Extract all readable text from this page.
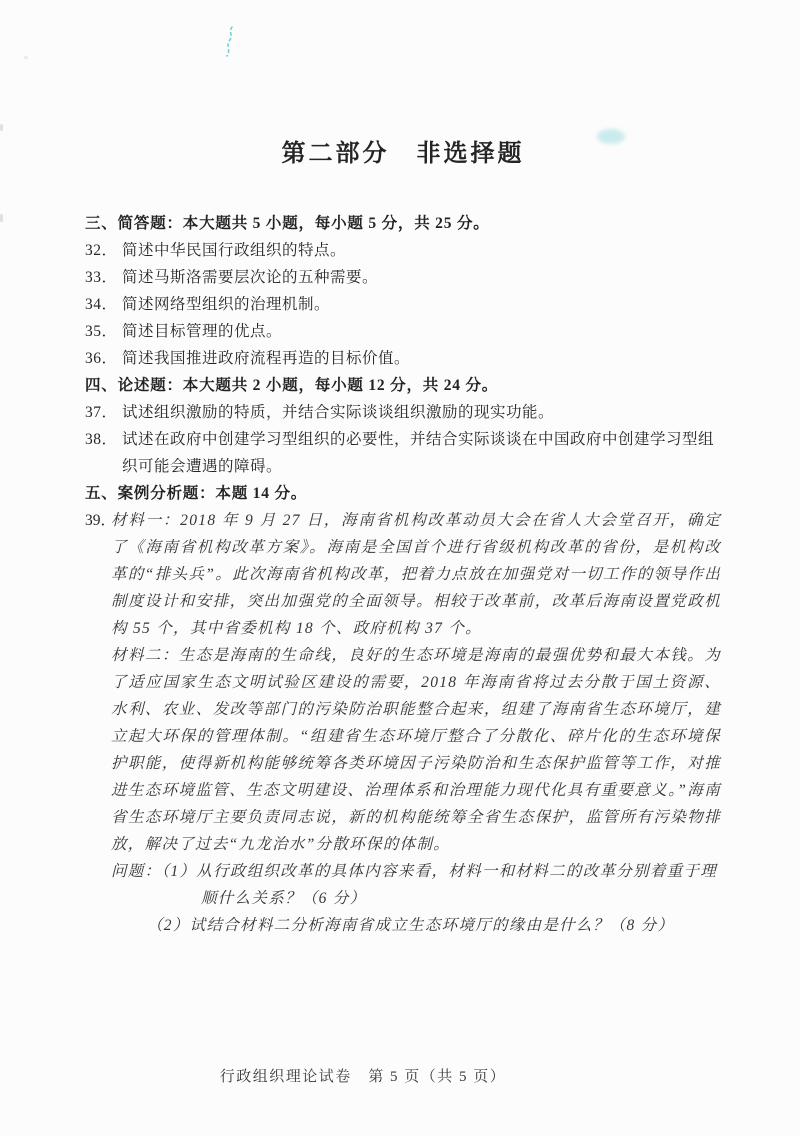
第二部分　非选择题
三、简答题：本大题共 5 小题，每小题 5 分，共 25 分。
32． 简述中华民国行政组织的特点。
33． 简述马斯洛需要层次论的五种需要。
34． 简述网络型组织的治理机制。
35． 简述目标管理的优点。
36． 简述我国推进政府流程再造的目标价值。
四、论述题：本大题共 2 小题，每小题 12 分，共 24 分。
37． 试述组织激励的特质，并结合实际谈谈组织激励的现实功能。
38． 试述在政府中创建学习型组织的必要性，并结合实际谈谈在中国政府中创建学习型组织可能会遭遇的障碍。
五、案例分析题：本题 14 分。
39．

材料一：2018 年 9 月 27 日，海南省机构改革动员大会在省人大会堂召开，确定了《海南省机构改革方案》。海南是全国首个进行省级机构改革的省份，是机构改革的“排头兵”。此次海南省机构改革，把着力点放在加强党对一切工作的领导作出制度设计和安排，突出加强党的全面领导。相较于改革前，改革后海南设置党政机构 55 个，其中省委机构 18 个、政府机构 37 个。

材料二：生态是海南的生命线，良好的生态环境是海南的最强优势和最大本钱。为了适应国家生态文明试验区建设的需要，2018 年海南省将过去分散于国土资源、水利、农业、发改等部门的污染防治职能整合起来，组建了海南省生态环境厅，建立起大环保的管理体制。“组建省生态环境厅整合了分散化、碎片化的生态环境保护职能，使得新机构能够统筹各类环境因子污染防治和生态保护监管等工作，对推进生态环境监管、生态文明建设、治理体系和治理能力现代化具有重要意义。”海南省生态环境厅主要负责同志说，新的机构能统筹全省生态保护，监管所有污染物排放，解决了过去“九龙治水”分散环保的体制。

问题：（1）从行政组织改革的具体内容来看，材料一和材料二的改革分别着重于理顺什么关系？（6 分）

（2）试结合材料二分析海南省成立生态环境厅的缘由是什么？（8 分）

行政组织理论试卷　第 5 页（共 5 页）
